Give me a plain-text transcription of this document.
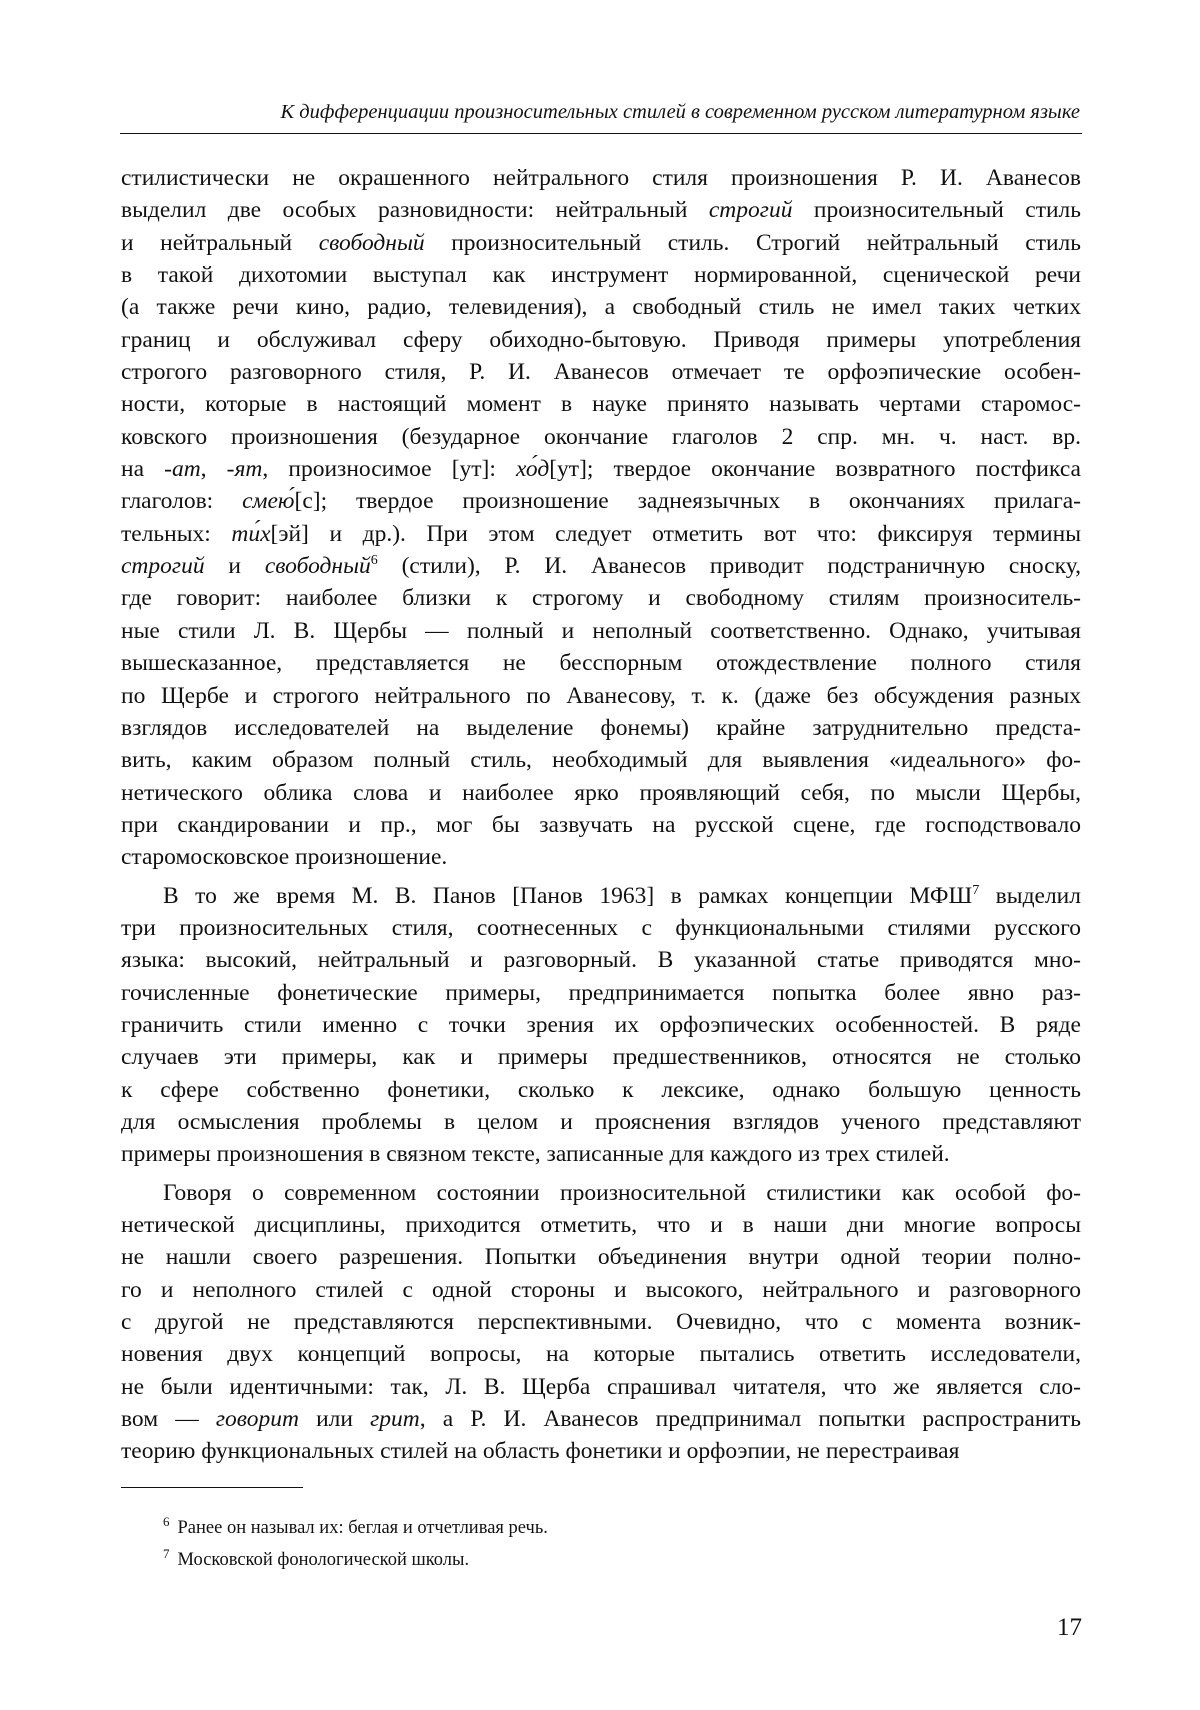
К дифференциации произносительных стилей в современном русском литературном языке
стилистически не окрашенного нейтрального стиля произношения Р. И. Аванесов
выделил две особых разновидности: нейтральный строгий произносительный стиль
и нейтральный свободный произносительный стиль. Строгий нейтральный стиль
в такой дихотомии выступал как инструмент нормированной, сценической речи
(а также речи кино, радио, телевидения), а свободный стиль не имел таких четких
границ и обслуживал сферу обиходно-бытовую. Приводя примеры употребления
строгого разговорного стиля, Р. И. Аванесов отмечает те орфоэпические особен-
ности, которые в настоящий момент в науке принято называть чертами старомос-
ковского произношения (безударное окончание глаголов 2 спр. мн. ч. наст. вр.
на -ат, -ят, произносимое [ут]: хо́д[ут]; твердое окончание возвратного постфикса
глаголов: смею́[с]; твердое произношение заднеязычных в окончаниях прилага-
тельных: ти́х[эй] и др.). При этом следует отметить вот что: фиксируя термины
строгий и свободный$^6$ (стили), Р. И. Аванесов приводит подстраничную сноску,
где говорит: наиболее близки к строгому и свободному стилям произноситель-
ные стили Л. В. Щербы — полный и неполный соответственно. Однако, учитывая
вышесказанное, представляется не бесспорным отождествление полного стиля
по Щербе и строгого нейтрального по Аванесову, т. к. (даже без обсуждения разных
взглядов исследователей на выделение фонемы) крайне затруднительно предста-
вить, каким образом полный стиль, необходимый для выявления «идеального» фо-
нетического облика слова и наиболее ярко проявляющий себя, по мысли Щербы,
при скандировании и пр., мог бы зазвучать на русской сцене, где господствовало
старомосковское произношение.
В то же время М. В. Панов [Панов 1963] в рамках концепции МФШ$^7$ выделил
три произносительных стиля, соотнесенных с функциональными стилями русского
языка: высокий, нейтральный и разговорный. В указанной статье приводятся мно-
гочисленные фонетические примеры, предпринимается попытка более явно раз-
граничить стили именно с точки зрения их орфоэпических особенностей. В ряде
случаев эти примеры, как и примеры предшественников, относятся не столько
к сфере собственно фонетики, сколько к лексике, однако большую ценность
для осмысления проблемы в целом и прояснения взглядов ученого представляют
примеры произношения в связном тексте, записанные для каждого из трех стилей.
Говоря о современном состоянии произносительной стилистики как особой фо-
нетической дисциплины, приходится отметить, что и в наши дни многие вопросы
не нашли своего разрешения. Попытки объединения внутри одной теории полно-
го и неполного стилей с одной стороны и высокого, нейтрального и разговорного
с другой не представляются перспективными. Очевидно, что с момента возник-
новения двух концепций вопросы, на которые пытались ответить исследователи,
не были идентичными: так, Л. В. Щерба спрашивал читателя, что же является сло-
вом — говорит или грит, а Р. И. Аванесов предпринимал попытки распространить
теорию функциональных стилей на область фонетики и орфоэпии, не перестраивая
$^6$ Ранее он называл их: беглая и отчетливая речь.
$^7$ Московской фонологической школы.
17
